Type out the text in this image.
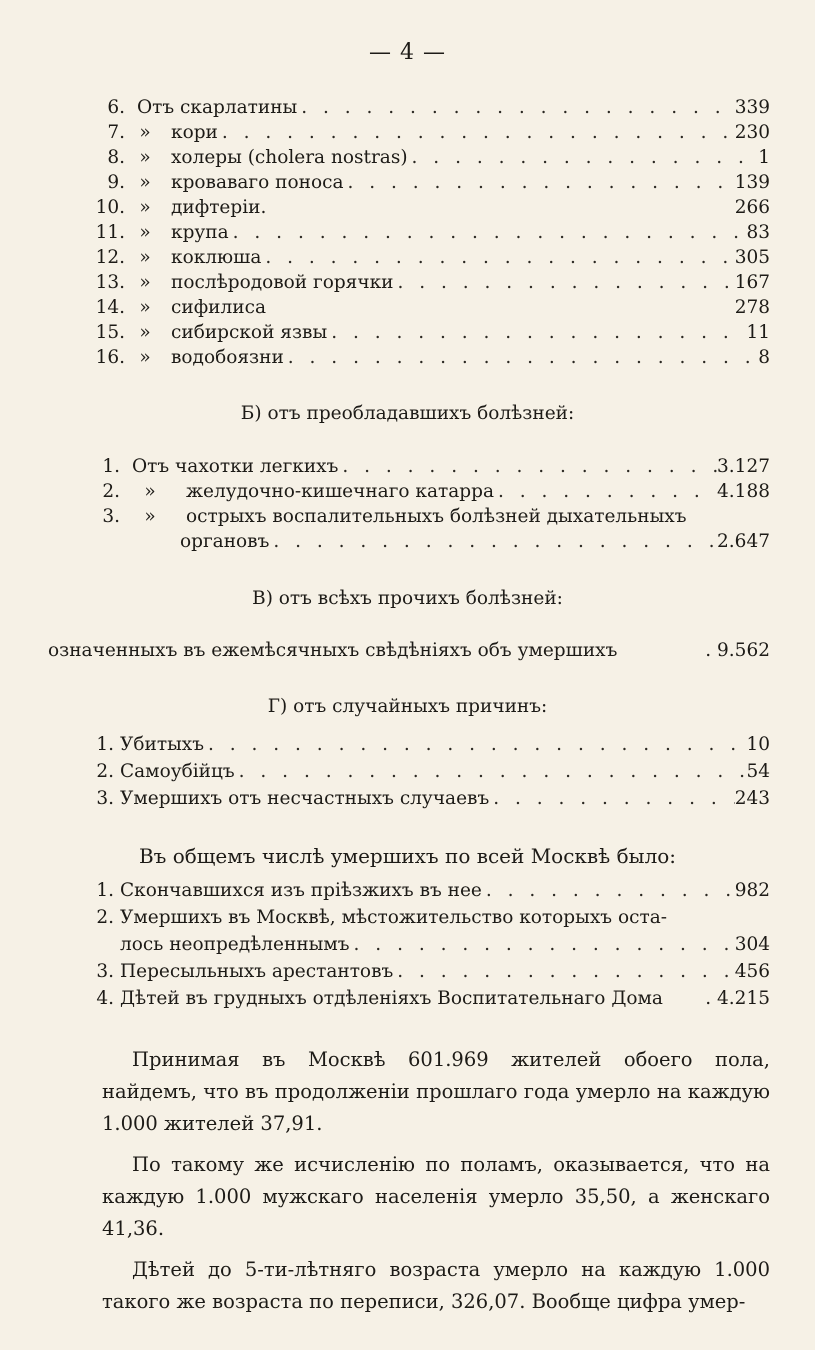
— 4 —
6. Отъ скарлатины . . .	339
7. »	кори . . .	230
8. »	холеры (cholera nostras) . . .	1
9. »	кроваваго поноса . . .	139
10. »	дифтеріи.	266
11. »	крупа . . .	83
12. »	коклюша . . .	305
13. »	послѣродовой горячки . . .	167
14. »	сифилиса	278
15. »	сибирской язвы . . .	11
16. »	водобоязни . . .	8
Б) отъ преобладавшихъ болѣзней:
1. Отъ чахотки легкихъ . . .	3.127
2.	»	желудочно-кишечнаго катарра . . .	4.188
3.	»	острыхъ воспалительныхъ болѣзней дыхательныхъ
органовъ . . .	2.647
В) отъ всѣхъ прочихъ болѣзней:
означенныхъ въ ежемѣсячныхъ свѣдѣніяхъ объ умершихъ	. 9.562
Г) отъ случайныхъ причинъ:
1. Убитыхъ . . .	10
2. Самоубійцъ . . .	54
3. Умершихъ отъ несчастныхъ случаевъ . . .	243
Въ общемъ числѣ умершихъ по всей Москвѣ было:
1. Скончавшихся изъ пріѣзжихъ въ нее . . .	982
2. Умершихъ въ Москвѣ, мѣстожительство которыхъ оста-
лось неопредѣленнымъ . . .	304
3. Пересыльныхъ арестантовъ . . .	456
4. Дѣтей въ грудныхъ отдѣленіяхъ Воспитательнаго Дома . 4.215

Принимая въ Москвѣ 601.969 жителей обоего пола, найдемъ, что въ продолженіи прошлаго года умерло на каждую 1.000 жителей 37,91.

По такому же исчисленію по поламъ, оказывается, что на каждую 1.000 мужскаго населенія умерло 35,50, а женскаго 41,36.

Дѣтей до 5-ти-лѣтняго возраста умерло на каждую 1.000 такого же возраста по переписи, 326,07. Вообще цифра умер-
